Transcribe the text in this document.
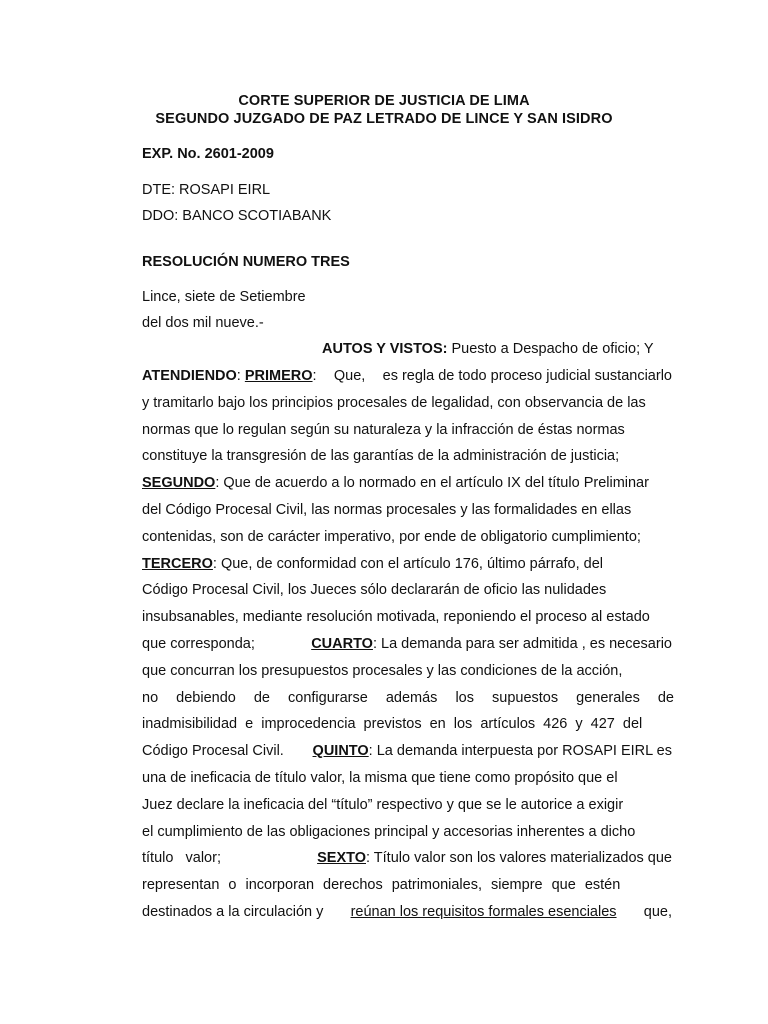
CORTE SUPERIOR DE JUSTICIA DE LIMA
SEGUNDO JUZGADO DE PAZ LETRADO DE LINCE Y SAN ISIDRO
EXP. No. 2601-2009
DTE: ROSAPI EIRL
DDO: BANCO SCOTIABANK
RESOLUCIÓN NUMERO TRES
Lince, siete de Setiembre
del dos mil nueve.-
AUTOS Y VISTOS: Puesto a Despacho de oficio; Y
ATENDIENDO: PRIMERO: Que, es regla de todo proceso judicial sustanciarlo
y tramitarlo bajo los principios procesales de legalidad, con observancia de las
normas que lo regulan según su naturaleza y la infracción de éstas normas
constituye la transgresión de las garantías de la administración de justicia;
SEGUNDO: Que de acuerdo a lo normado en el artículo IX del título Preliminar
del Código Procesal Civil, las normas procesales y las formalidades en ellas
contenidas, son de carácter imperativo, por ende de obligatorio cumplimiento;
TERCERO: Que, de conformidad con el artículo 176, último párrafo, del
Código Procesal Civil, los Jueces sólo declararán de oficio las nulidades
insubsanables, mediante resolución motivada, reponiendo el proceso al estado
que corresponda;	CUARTO: La demanda para ser admitida , es necesario
que concurran los presupuestos procesales y las condiciones de la acción,
no debiendo de configurarse además los supuestos generales de
inadmisibilidad e improcedencia previstos en los artículos 426 y 427 del
Código Procesal Civil. QUINTO: La demanda interpuesta por ROSAPI EIRL es
una de ineficacia de título valor, la misma que tiene como propósito que el
Juez declare la ineficacia del “título” respectivo y que se le autorice a exigir
el cumplimiento de las obligaciones principal y accesorias inherentes a dicho
título   valor;	SEXTO: Título valor son los valores materializados que
representan o incorporan derechos patrimoniales, siempre que estén
destinados a la circulación y reúnan los requisitos formales esenciales que,
